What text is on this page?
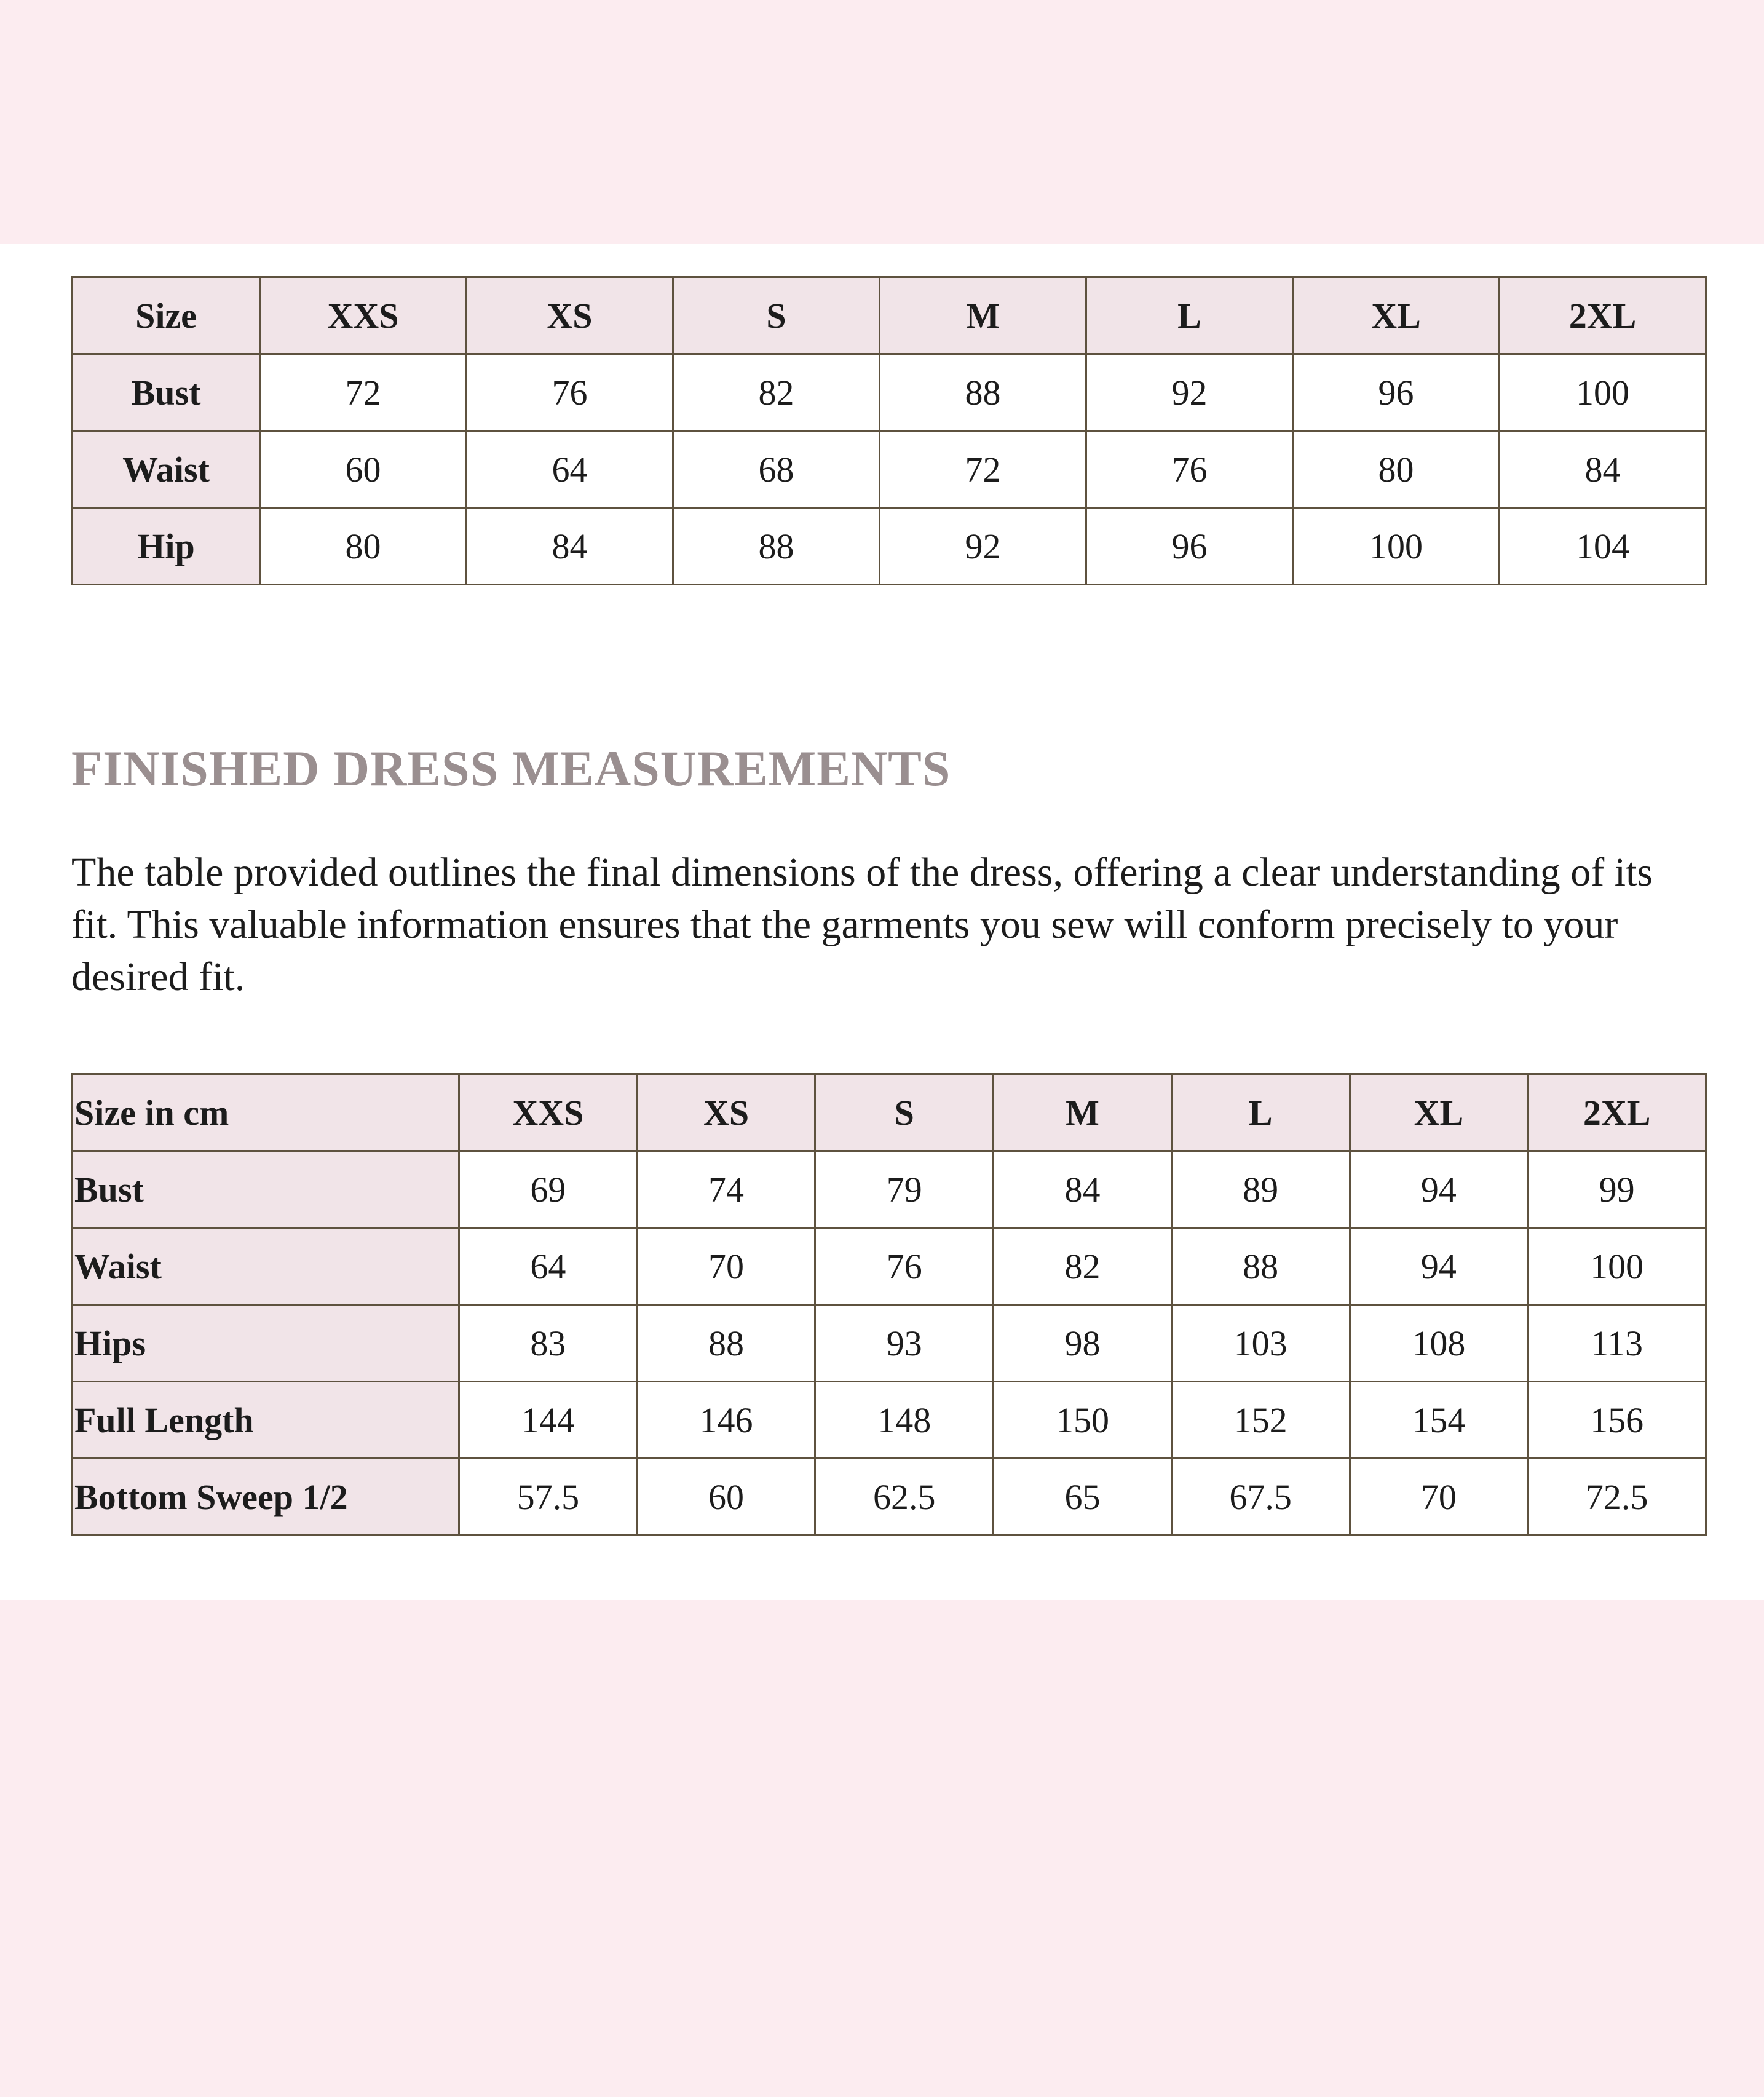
Size	XXS	XS	S	M	L	XL	2XL
Bust	72	76	82	88	92	96	100
Waist	60	64	68	72	76	80	84
Hip	80	84	88	92	96	100	104
FINISHED DRESS MEASUREMENTS

The table provided outlines the final dimensions of the dress, offering a clear understanding of its fit. This valuable information ensures that the garments you sew will conform precisely to your desired fit.

Size in cm	XXS	XS	S	M	L	XL	2XL
Bust	69	74	79	84	89	94	99
Waist	64	70	76	82	88	94	100
Hips	83	88	93	98	103	108	113
Full Length	144	146	148	150	152	154	156
Bottom Sweep 1/2	57.5	60	62.5	65	67.5	70	72.5
